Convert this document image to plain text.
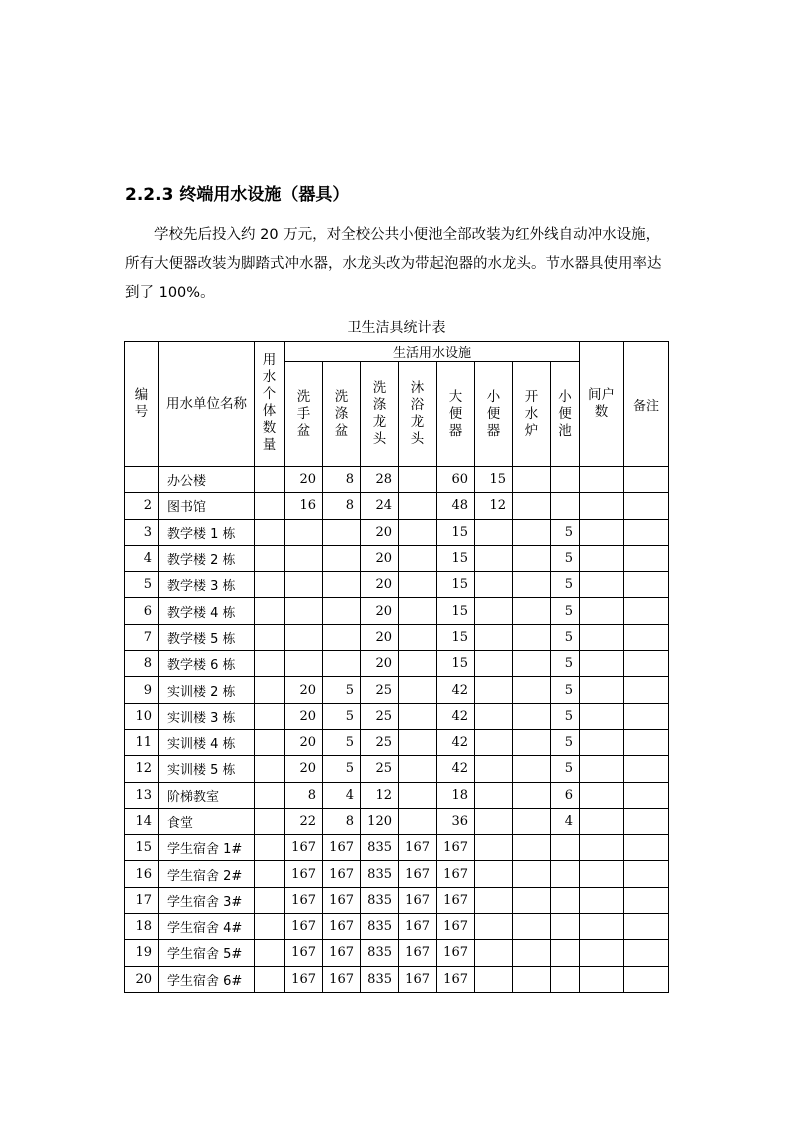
2.2.3 终端用水设施（器具）

学校先后投入约 20 万元，对全校公共小便池全部改装为红外线自动冲水设施，所有大便器改装为脚踏式冲水器，水龙头改为带起泡器的水龙头。节水器具使用率达到了 100%。

卫生洁具统计表
编号	用水单位名称	用水个体数量	生活用水设施								间户数	备注
			洗手盆	洗涤盆	洗涤龙头	沐浴龙头	大便器	小便器	开水炉	小便池		
	办公楼		20	8	28		60	15				
2	图书馆		16	8	24		48	12				
3	教学楼 1 栋				20		15			5		
4	教学楼 2 栋				20		15			5		
5	教学楼 3 栋				20		15			5		
6	教学楼 4 栋				20		15			5		
7	教学楼 5 栋				20		15			5		
8	教学楼 6 栋				20		15			5		
9	实训楼 2 栋		20	5	25		42			5		
10	实训楼 3 栋		20	5	25		42			5		
11	实训楼 4 栋		20	5	25		42			5		
12	实训楼 5 栋		20	5	25		42			5		
13	阶梯教室		8	4	12		18			6		
14	食堂		22	8	120		36			4		
15	学生宿舍 1#		167	167	835	167	167					
16	学生宿舍 2#		167	167	835	167	167					
17	学生宿舍 3#		167	167	835	167	167					
18	学生宿舍 4#		167	167	835	167	167					
19	学生宿舍 5#		167	167	835	167	167					
20	学生宿舍 6#		167	167	835	167	167					
